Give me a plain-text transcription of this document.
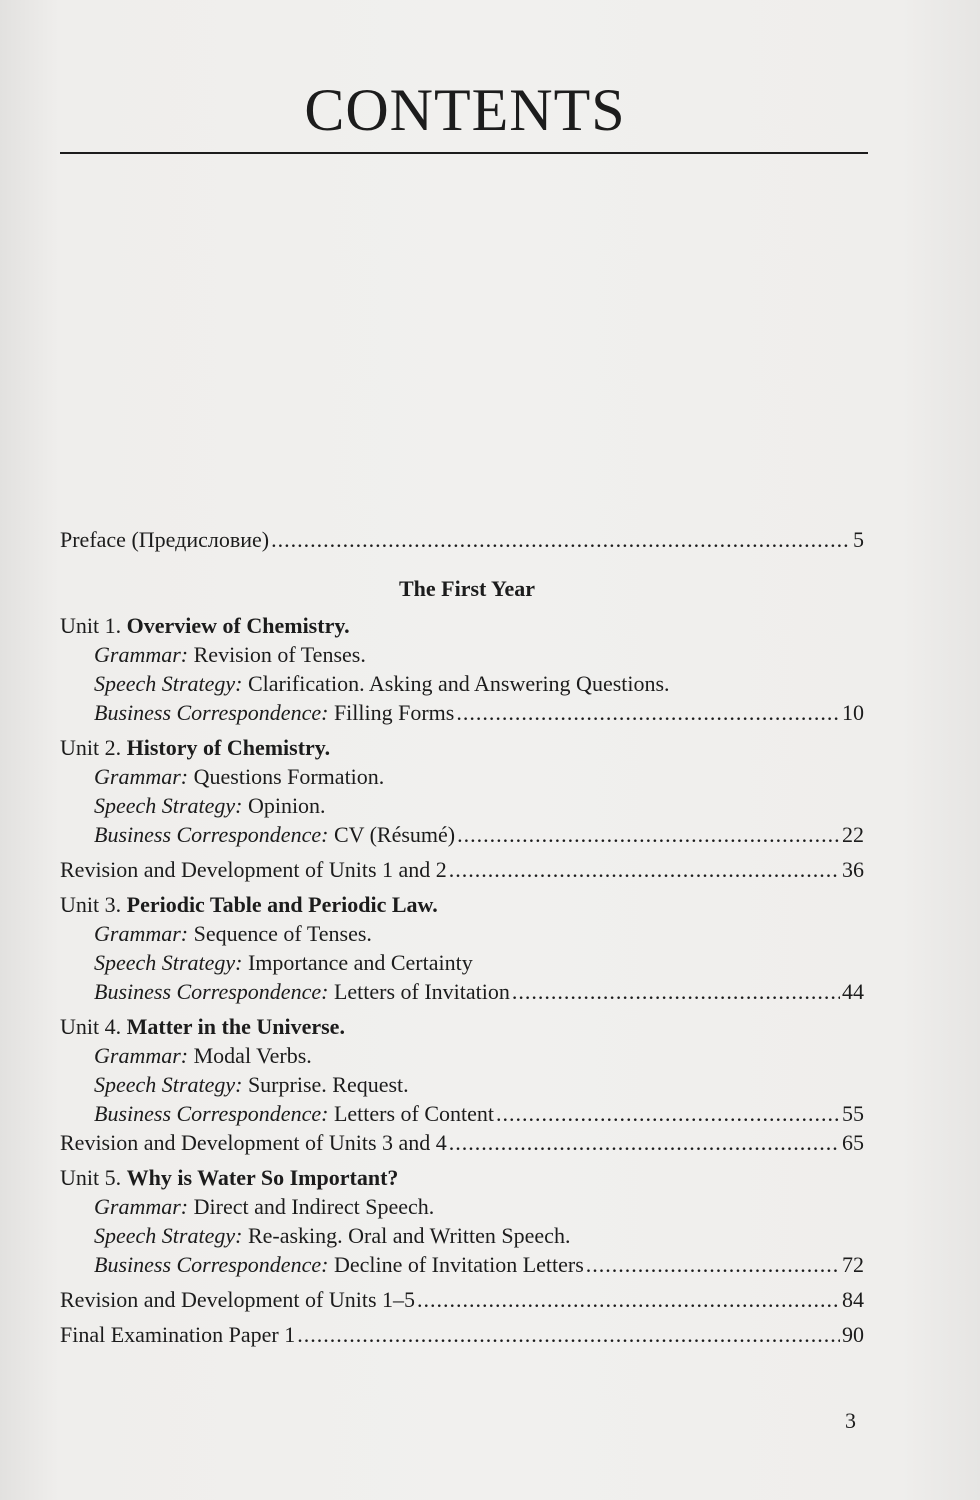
CONTENTS
Preface (Предисловие) .....	5
The First Year
Unit 1. Overview of Chemistry.
Grammar: Revision of Tenses.
Speech Strategy: Clarification. Asking and Answering Questions.
Business Correspondence: Filling Forms .....	10
Unit 2. History of Chemistry.
Grammar: Questions Formation.
Speech Strategy: Opinion.
Business Correspondence: CV (Résumé) .....	22
Revision and Development of Units 1 and 2 .....	36
Unit 3. Periodic Table and Periodic Law.
Grammar: Sequence of Tenses.
Speech Strategy: Importance and Certainty
Business Correspondence: Letters of Invitation .....	44
Unit 4. Matter in the Universe.
Grammar: Modal Verbs.
Speech Strategy: Surprise. Request.
Business Correspondence: Letters of Content .....	55
Revision and Development of Units 3 and 4 .....	65
Unit 5. Why is Water So Important?
Grammar: Direct and Indirect Speech.
Speech Strategy: Re-asking. Oral and Written Speech.
Business Correspondence: Decline of Invitation Letters .....	72
Revision and Development of Units 1–5 .....	84
Final Examination Paper 1 .....	90
3
